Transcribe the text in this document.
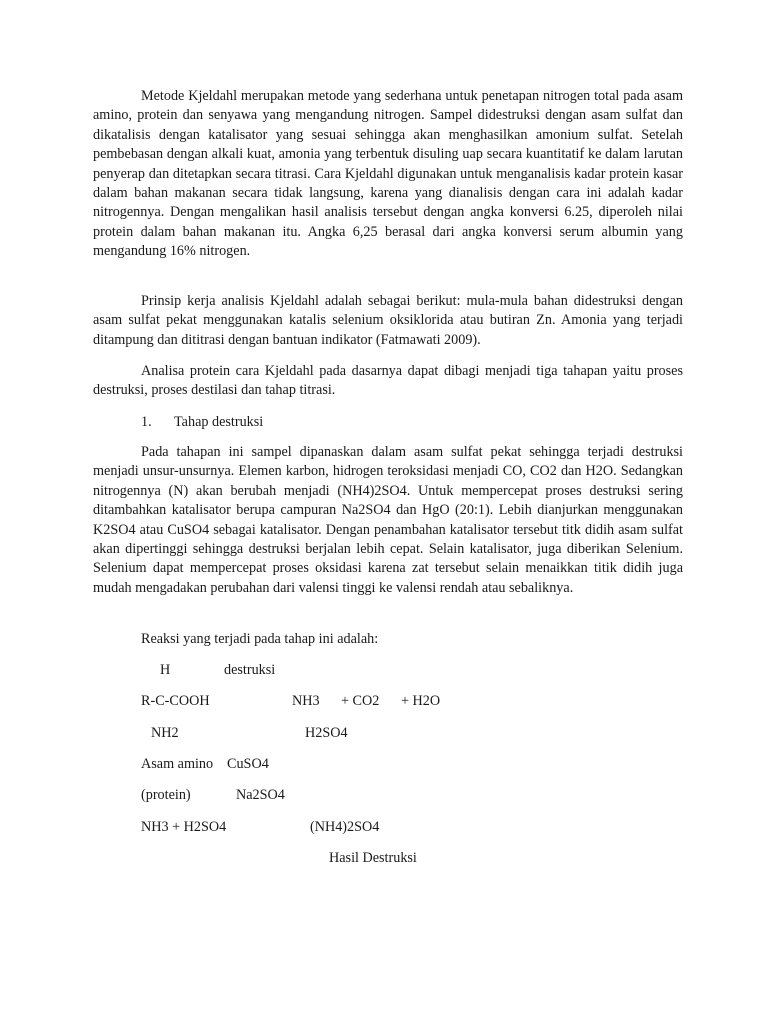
Metode Kjeldahl merupakan metode yang sederhana untuk penetapan nitrogen total pada asam amino, protein dan senyawa yang mengandung nitrogen. Sampel didestruksi dengan asam sulfat dan dikatalisis dengan katalisator yang sesuai sehingga akan menghasilkan amonium sulfat. Setelah pembebasan dengan alkali kuat, amonia yang terbentuk disuling uap secara kuantitatif ke dalam larutan penyerap dan ditetapkan secara titrasi. Cara Kjeldahl digunakan untuk menganalisis kadar protein kasar dalam bahan makanan secara tidak langsung, karena yang dianalisis dengan cara ini adalah kadar nitrogennya. Dengan mengalikan hasil analisis tersebut dengan angka konversi 6.25, diperoleh nilai protein dalam bahan makanan itu. Angka 6,25 berasal dari angka konversi serum albumin yang mengandung 16% nitrogen.

Prinsip kerja analisis Kjeldahl adalah sebagai berikut: mula-mula bahan didestruksi dengan asam sulfat pekat menggunakan katalis selenium oksiklorida atau butiran Zn. Amonia yang terjadi ditampung dan dititrasi dengan bantuan indikator (Fatmawati 2009).

Analisa protein cara Kjeldahl pada dasarnya dapat dibagi menjadi tiga tahapan yaitu proses destruksi, proses destilasi dan tahap titrasi.

1. Tahap destruksi

Pada tahapan ini sampel dipanaskan dalam asam sulfat pekat sehingga terjadi destruksi menjadi unsur-unsurnya. Elemen karbon, hidrogen teroksidasi menjadi CO, CO2 dan H2O. Sedangkan nitrogennya (N) akan berubah menjadi (NH4)2SO4. Untuk mempercepat proses destruksi sering ditambahkan katalisator berupa campuran Na2SO4 dan HgO (20:1). Lebih dianjurkan menggunakan K2SO4 atau CuSO4 sebagai katalisator. Dengan penambahan katalisator tersebut titk didih asam sulfat akan dipertinggi sehingga destruksi berjalan lebih cepat. Selain katalisator, juga diberikan Selenium. Selenium dapat mempercepat proses oksidasi karena zat tersebut selain menaikkan titik didih juga mudah mengadakan perubahan dari valensi tinggi ke valensi rendah atau sebaliknya.

Reaksi yang terjadi pada tahap ini adalah:
H	destruksi
R-C-COOH	NH3 + CO2 + H2O
NH2	H2SO4
Asam amino CuSO4
(protein)	Na2SO4
NH3 + H2SO4	(NH4)2SO4
Hasil Destruksi
